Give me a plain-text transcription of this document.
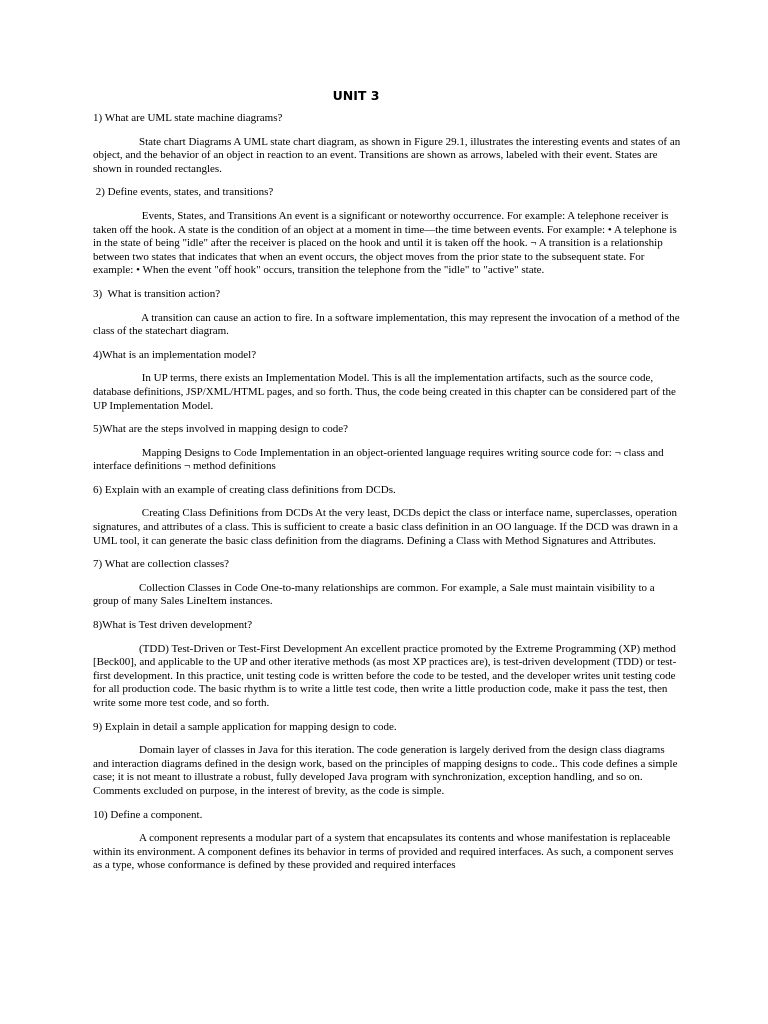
UNIT 3

1) What are UML state machine diagrams?

State chart Diagrams A UML state chart diagram, as shown in Figure 29.1, illustrates the interesting events and states of an object, and the behavior of an object in reaction to an event. Transitions are shown as arrows, labeled with their event. States are shown in rounded rectangles.

2) Define events, states, and transitions?

Events, States, and Transitions An event is a significant or noteworthy occurrence. For example: A telephone receiver is taken off the hook. A state is the condition of an object at a moment in time—the time between events. For example: • A telephone is in the state of being "idle" after the receiver is placed on the hook and until it is taken off the hook. ¬ A transition is a relationship between two states that indicates that when an event occurs, the object moves from the prior state to the subsequent state. For example: • When the event "off hook" occurs, transition the telephone from the "idle" to "active" state.

3)  What is transition action?

A transition can cause an action to fire. In a software implementation, this may represent the invocation of a method of the class of the statechart diagram.

4)What is an implementation model?

In UP terms, there exists an Implementation Model. This is all the implementation artifacts, such as the source code, database definitions, JSP/XML/HTML pages, and so forth. Thus, the code being created in this chapter can be considered part of the UP Implementation Model.

5)What are the steps involved in mapping design to code?

Mapping Designs to Code Implementation in an object-oriented language requires writing source code for: ¬ class and interface definitions ¬ method definitions

6) Explain with an example of creating class definitions from DCDs.

Creating Class Definitions from DCDs At the very least, DCDs depict the class or interface name, superclasses, operation signatures, and attributes of a class. This is sufficient to create a basic class definition in an OO language. If the DCD was drawn in a UML tool, it can generate the basic class definition from the diagrams. Defining a Class with Method Signatures and Attributes.

7) What are collection classes?

Collection Classes in Code One-to-many relationships are common. For example, a Sale must maintain visibility to a group of many Sales LineItem instances.

8)What is Test driven development?

(TDD) Test-Driven or Test-First Development An excellent practice promoted by the Extreme Programming (XP) method [Beck00], and applicable to the UP and other iterative methods (as most XP practices are), is test-driven development (TDD) or test-first development. In this practice, unit testing code is written before the code to be tested, and the developer writes unit testing code for all production code. The basic rhythm is to write a little test code, then write a little production code, make it pass the test, then write some more test code, and so forth.

9) Explain in detail a sample application for mapping design to code.

Domain layer of classes in Java for this iteration. The code generation is largely derived from the design class diagrams and interaction diagrams defined in the design work, based on the principles of mapping designs to code.. This code defines a simple case; it is not meant to illustrate a robust, fully developed Java program with synchronization, exception handling, and so on. Comments excluded on purpose, in the interest of brevity, as the code is simple.

10) Define a component.

A component represents a modular part of a system that encapsulates its contents and whose manifestation is replaceable within its environment. A component defines its behavior in terms of provided and required interfaces. As such, a component serves as a type, whose conformance is defined by these provided and required interfaces
